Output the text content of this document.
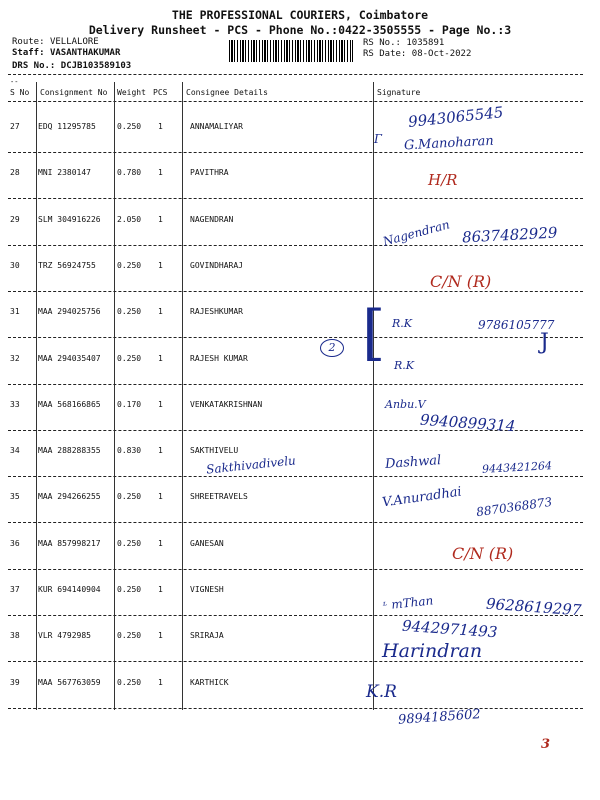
THE PROFESSIONAL COURIERS, Coimbatore
Delivery Runsheet - PCS - Phone No.:0422-3505555 - Page No.:3
Route: VELLALORE
Staff: VASANTHAKUMAR
DRS No.: DCJB103589103
RS No.: 1035891
RS Date: 08-Oct-2022
--
S No Consignment No Weight PCS Consignee Details	Signature
27 EDQ 11295785	0.250 1	ANNAMALIYAR
28 MNI 2380147	0.780 1	PAVITHRA
29 SLM 304916226 2.050 1	NAGENDRAN
30 TRZ 56924755	0.250 1	GOVINDHARAJ
31 MAA 294025756 0.250 1	RAJESHKUMAR
32 MAA 294035407 0.250 1	RAJESH KUMAR
33 MAA 568166865 0.170 1	VENKATAKRISHNAN
34 MAA 288288355 0.830 1	SAKTHIVELU
35 MAA 294266255 0.250 1	SHREETRAVELS
36 MAA 857998217 0.250 1	GANESAN
37 KUR 694140904 0.250 1	VIGNESH
38 VLR 4792985	0.250 1	SRIRAJA
39 MAA 567763059 0.250 1	KARTHICK
9943065545
Г G.Manoharan
H/R
Nagendran 8637482929
C/N (R)
R.K	9786105777
2 [	J
R.K
Anbu.V
9940899314
Sakthivadivelu	Dashwal	9443421264
V.Anuradhai 8870368873
C/N (R)
ᶫ mThan	9628619297
9442971493
Harindran
K.R
9894185602
3
